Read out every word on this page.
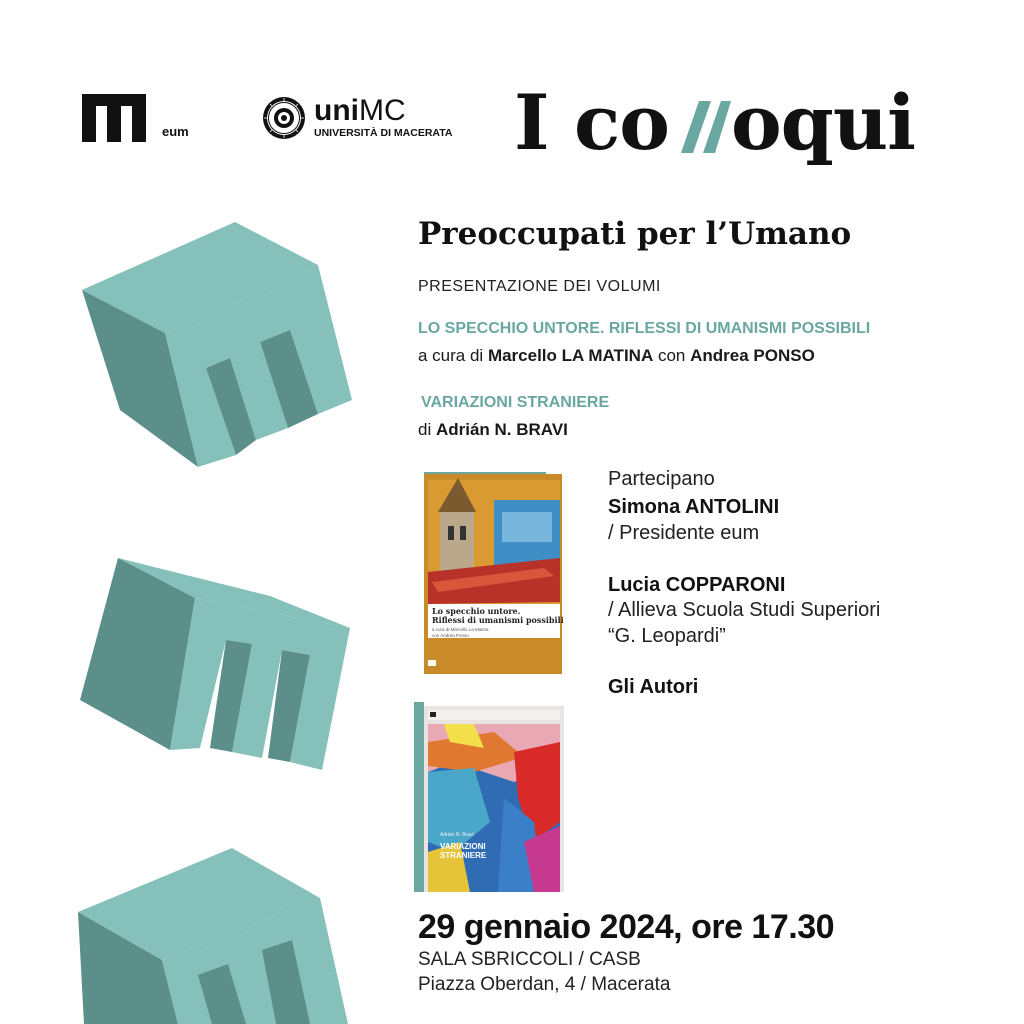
eum
uniMC
UNIVERSITÀ DI MACERATA I co oqui
Preoccupati per l’Umano
PRESENTAZIONE DEI VOLUMI
LO SPECCHIO UNTORE. RIFLESSI DI UMANISMI POSSIBILI
a cura di Marcello LA MATINA con Andrea PONSO
VARIAZIONI STRANIERE
di Adrián N. BRAVI
Lo specchio untore.
Riflessi di umanismi possibili
a cura di Marcello La Matina
con Andrea Ponso
Adrián N. Bravi
VARIAZIONI
STRANIERE
Partecipano
Simona ANTOLINI
/ Presidente eum
Lucia COPPARONI
/ Allieva Scuola Studi Superiori
“G. Leopardi”
Gli Autori
29 gennaio 2024, ore 17.30
SALA SBRICCOLI / CASB
Piazza Oberdan, 4 / Macerata
